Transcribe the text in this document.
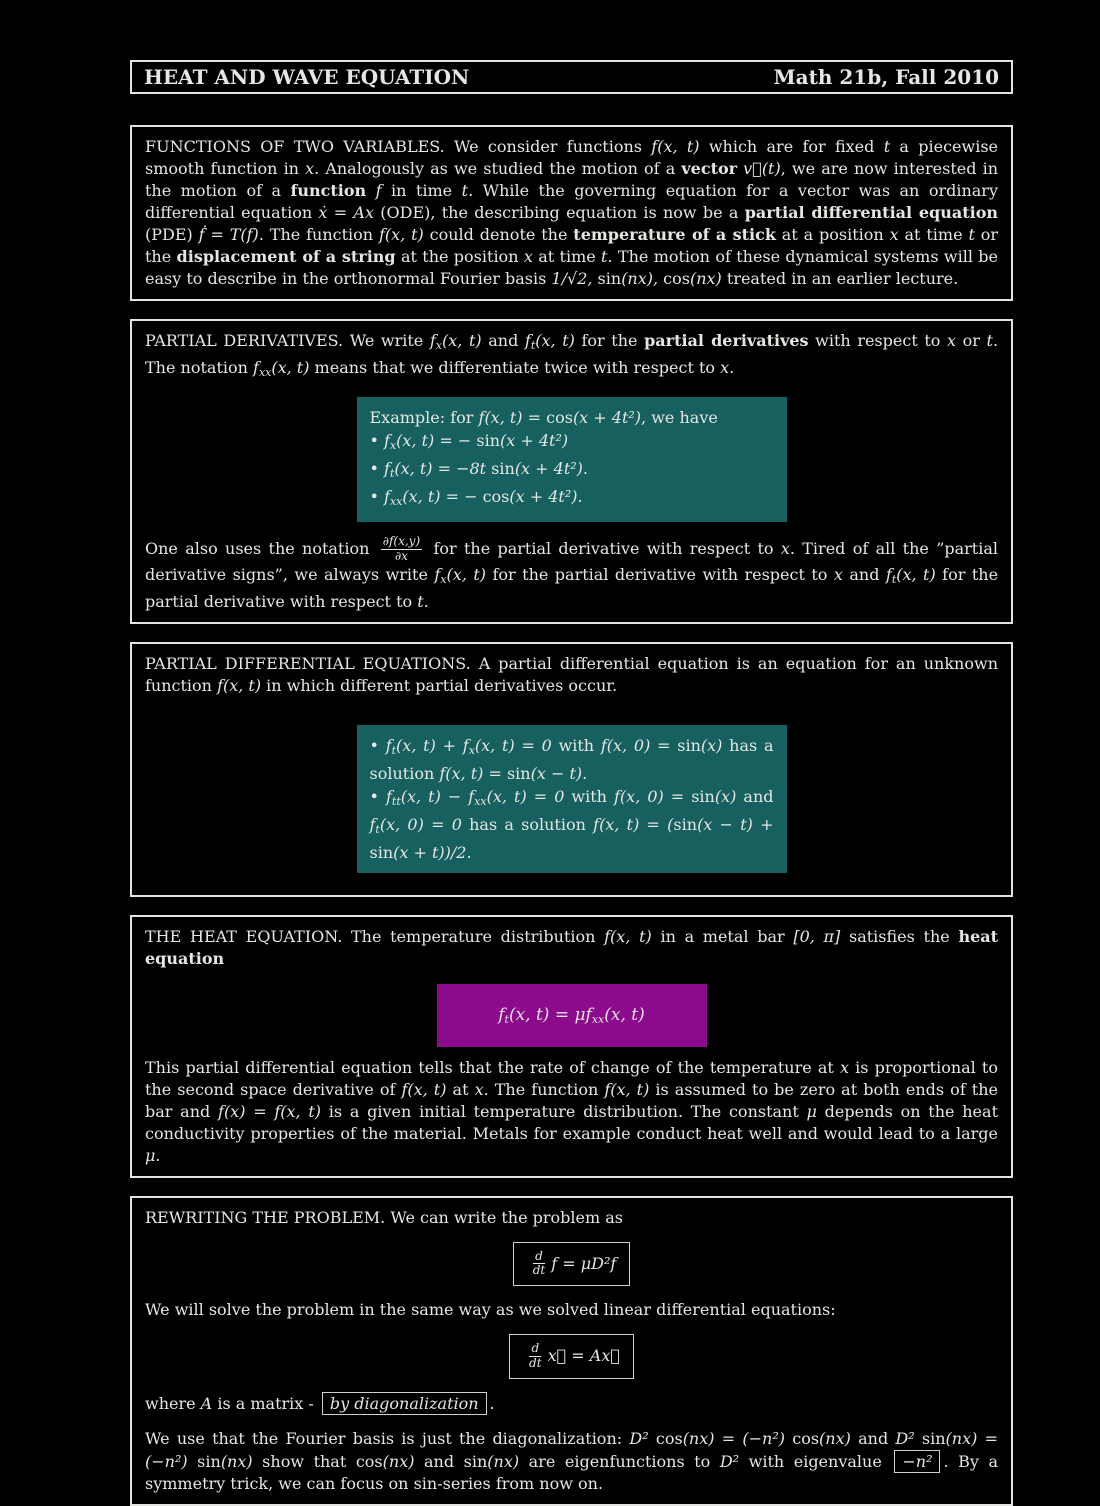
HEAT AND WAVE EQUATION	Math 21b, Fall 2010

FUNCTIONS OF TWO VARIABLES. We consider functions f(x, t) which are for fixed t a piecewise smooth function in x. Analogously as we studied the motion of a vector v⃗(t), we are now interested in the motion of a function f in time t. While the governing equation for a vector was an ordinary differential equation ẋ = Ax (ODE), the describing equation is now be a partial differential equation (PDE) ḟ = T(f). The function f(x, t) could denote the temperature of a stick at a position x at time t or the displacement of a string at the position x at time t. The motion of these dynamical systems will be easy to describe in the orthonormal Fourier basis 1/√2, sin(nx), cos(nx) treated in an earlier lecture.

PARTIAL DERIVATIVES. We write fx(x, t) and ft(x, t) for the partial derivatives with respect to x or t. The notation fxx(x, t) means that we differentiate twice with respect to x.

Example: for f(x, t) = cos(x + 4t²), we have

• fx(x, t) = − sin(x + 4t²)

• ft(x, t) = −8t sin(x + 4t²).

• fxx(x, t) = − cos(x + 4t²).

One also uses the notation $\frac{\partial f(x,y)}{\partial x}$ for the partial derivative with respect to x. Tired of all the ”partial derivative signs”, we always write fx(x, t) for the partial derivative with respect to x and ft(x, t) for the partial derivative with respect to t.

PARTIAL DIFFERENTIAL EQUATIONS. A partial differential equation is an equation for an unknown function f(x, t) in which different partial derivatives occur.

• ft(x, t) + fx(x, t) = 0 with f(x, 0) = sin(x) has a solution f(x, t) = sin(x − t).

• ftt(x, t) − fxx(x, t) = 0 with f(x, 0) = sin(x) and ft(x, 0) = 0 has a solution f(x, t) = (sin(x − t) + sin(x + t))/2.

THE HEAT EQUATION. The temperature distribution f(x, t) in a metal bar [0, π] satisfies the heat equation

ft(x, t) = μfxx(x, t)

This partial differential equation tells that the rate of change of the temperature at x is proportional to the second space derivative of f(x, t) at x. The function f(x, t) is assumed to be zero at both ends of the bar and f(x) = f(x, t) is a given initial temperature distribution. The constant μ depends on the heat conductivity properties of the material. Metals for example conduct heat well and would lead to a large μ.

REWRITING THE PROBLEM. We can write the problem as

$\frac{d}{dt}$ f = μD²f

We will solve the problem in the same way as we solved linear differential equations:

$\frac{d}{dt}$ x⃗ = Ax⃗

where A is a matrix - by diagonalization .

We use that the Fourier basis is just the diagonalization: D² cos(nx) = (−n²) cos(nx) and D² sin(nx) = (−n²) sin(nx) show that cos(nx) and sin(nx) are eigenfunctions to D² with eigenvalue −n² . By a symmetry trick, we can focus on sin-series from now on.
